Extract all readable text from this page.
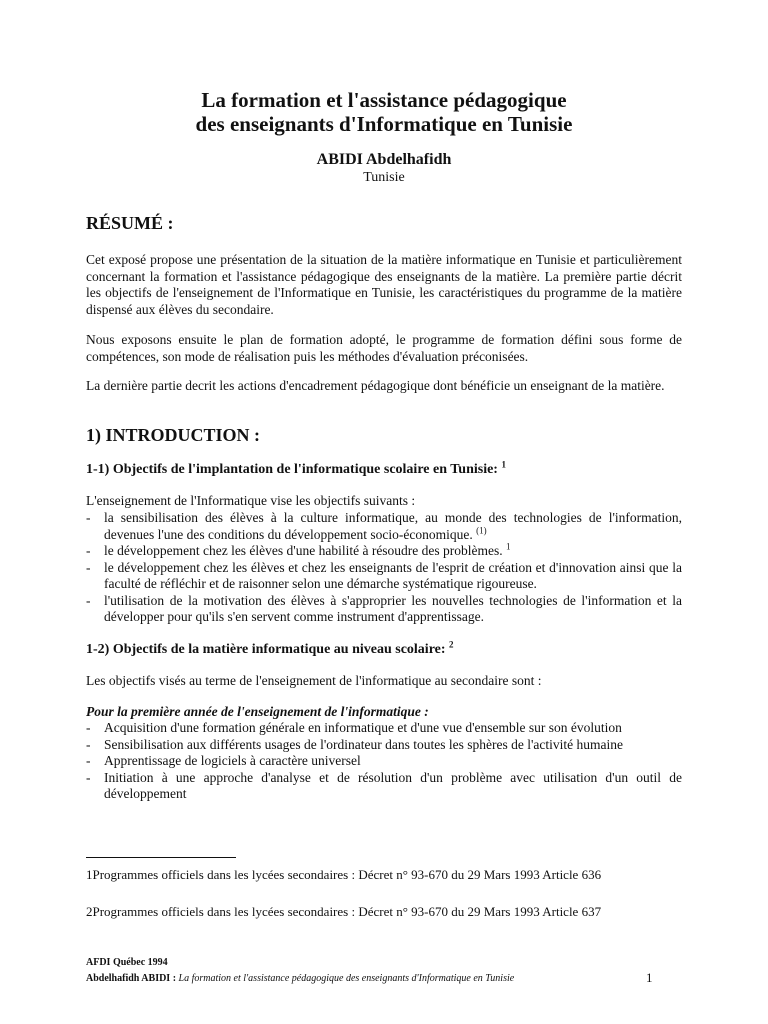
La formation et l'assistance pédagogique
des enseignants d'Informatique en Tunisie
ABIDI Abdelhafidh
Tunisie
RÉSUMÉ :
Cet exposé propose une présentation de la situation de la matière informatique en Tunisie et particulièrement concernant la formation et l'assistance pédagogique des enseignants de la matière. La première partie décrit les objectifs de l'enseignement de l'Informatique en Tunisie, les caractéristiques du programme de la matière dispensé aux élèves du secondaire.
Nous exposons ensuite le plan de formation adopté, le programme de formation défini sous forme de compétences, son mode de réalisation puis les méthodes d'évaluation préconisées.
La dernière partie decrit les actions d'encadrement pédagogique dont bénéficie un enseignant de la matière.
1) INTRODUCTION :
1-1) Objectifs de l'implantation de l'informatique scolaire en Tunisie: $^1$
L'enseignement de l'Informatique vise les objectifs suivants :
- la sensibilisation des élèves à la culture informatique, au monde des technologies de l'information, devenues l'une des conditions du développement socio-économique. $^{(1)}$
- le développement chez les élèves d'une habilité à résoudre des problèmes. $^1$
- le développement chez les élèves et chez les enseignants de l'esprit de création et d'innovation ainsi que la faculté de réfléchir et de raisonner selon une démarche systématique rigoureuse.
- l'utilisation de la motivation des élèves à s'approprier les nouvelles technologies de l'information et la développer pour qu'ils s'en servent comme instrument d'apprentissage.
1-2) Objectifs de la matière informatique au niveau scolaire: $^2$
Les objectifs visés au terme de l'enseignement de l'informatique au secondaire sont :
Pour la première année de l'enseignement de l'informatique :
- Acquisition d'une formation générale en informatique et d'une vue d'ensemble sur son évolution
- Sensibilisation aux différents usages de l'ordinateur dans toutes les sphères de l'activité humaine
- Apprentissage de logiciels à caractère universel
- Initiation à une approche d'analyse et de résolution d'un problème avec utilisation d'un outil de développement
1Programmes officiels dans les lycées secondaires : Décret n° 93-670 du 29 Mars 1993 Article 636
2Programmes officiels dans les lycées secondaires : Décret n° 93-670 du 29 Mars 1993 Article 637
AFDI Québec 1994
Abdelhafidh ABIDI : La formation et l'assistance pédagogique des enseignants d'Informatique en Tunisie	1
